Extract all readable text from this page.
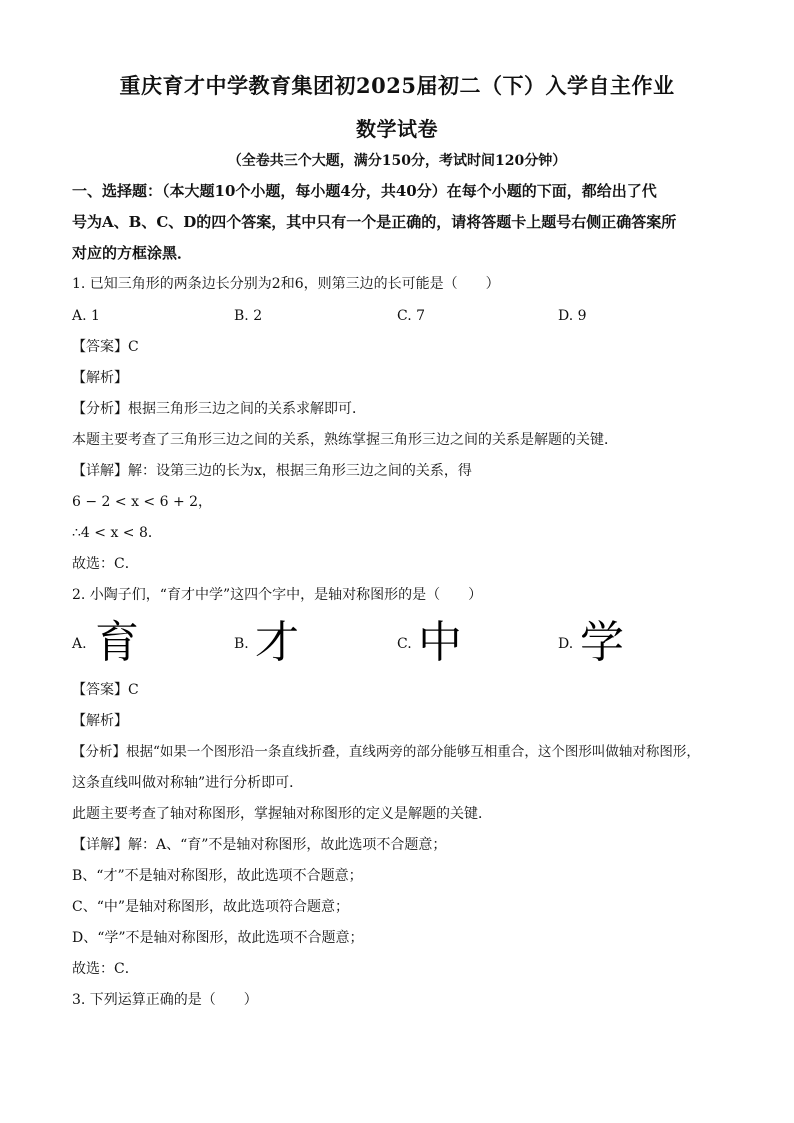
重庆育才中学教育集团初2025届初二（下）入学自主作业
数学试卷
（全卷共三个大题，满分150分，考试时间120分钟）
一、选择题：（本大题10个小题，每小题4分，共40分）在每个小题的下面，都给出了代
号为A、B、C、D的四个答案，其中只有一个是正确的，请将答题卡上题号右侧正确答案所
对应的方框涂黑．
1. 已知三角形的两条边长分别为2和6，则第三边的长可能是（　　）
A. 1	B. 2	C. 7	D. 9
【答案】C
【解析】
【分析】根据三角形三边之间的关系求解即可．
本题主要考查了三角形三边之间的关系，熟练掌握三角形三边之间的关系是解题的关键．
【详解】解：设第三边的长为x，根据三角形三边之间的关系，得
6 − 2 < x < 6 + 2，
∴4 < x < 8．
故选：C．
2. 小陶子们，“育才中学”这四个字中，是轴对称图形的是（　　）
A. 育	B. 才	C. 中	D. 学
【答案】C
【解析】
【分析】根据“如果一个图形沿一条直线折叠，直线两旁的部分能够互相重合，这个图形叫做轴对称图形，
这条直线叫做对称轴”进行分析即可．
此题主要考查了轴对称图形，掌握轴对称图形的定义是解题的关键．
【详解】解：A、“育”不是轴对称图形，故此选项不合题意；
B、“才”不是轴对称图形，故此选项不合题意；
C、“中”是轴对称图形，故此选项符合题意；
D、“学”不是轴对称图形，故此选项不合题意；
故选：C．
3. 下列运算正确的是（　　）
